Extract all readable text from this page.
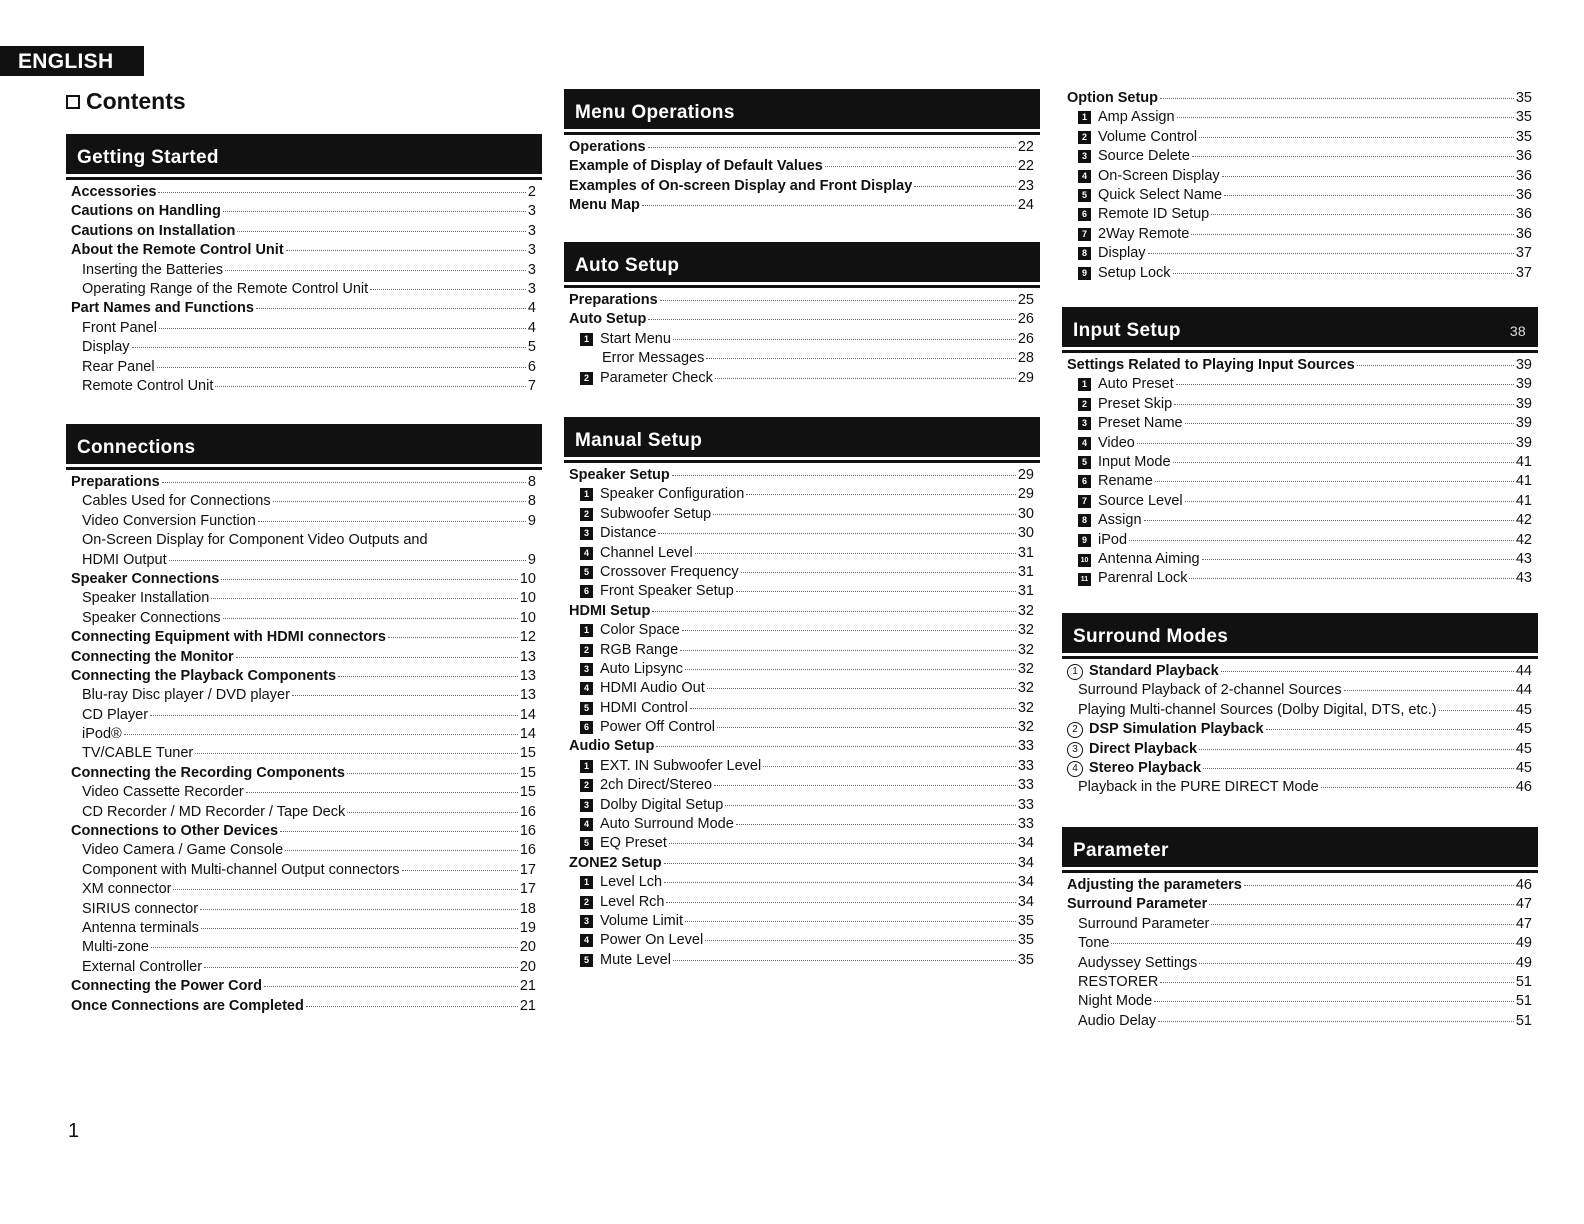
ENGLISH
Contents
Getting Started
Accessories	2
Cautions on Handling	3
Cautions on Installation	3
About the Remote Control Unit	3
Inserting the Batteries	3
Operating Range of the Remote Control Unit	3
Part Names and Functions	4
Front Panel	4
Display	5
Rear Panel	6
Remote Control Unit	7
Connections
Preparations	8
Cables Used for Connections	8
Video Conversion Function	9
On-Screen Display for Component Video Outputs and
HDMI Output	9
Speaker Connections	10
Speaker Installation	10
Speaker Connections	10
Connecting Equipment with HDMI connectors	12
Connecting the Monitor	13
Connecting the Playback Components	13
Blu-ray Disc player / DVD player	13
CD Player	14
iPod®	14
TV/CABLE Tuner	15
Connecting the Recording Components	15
Video Cassette Recorder	15
CD Recorder / MD Recorder / Tape Deck	16
Connections to Other Devices	16
Video Camera / Game Console	16
Component with Multi-channel Output connectors	17
XM connector	17
SIRIUS connector	18
Antenna terminals	19
Multi-zone	20
External Controller	20
Connecting the Power Cord	21
Once Connections are Completed	21
Menu Operations
Operations	22
Example of Display of Default Values	22
Examples of On-screen Display and Front Display	23
Menu Map	24
Auto Setup
Preparations	25
Auto Setup	26
1 Start Menu	26
Error Messages	28
2 Parameter Check	29
Manual Setup
Speaker Setup	29
1 Speaker Configuration	29
2 Subwoofer Setup	30
3 Distance	30
4 Channel Level	31
5 Crossover Frequency	31
6 Front Speaker Setup	31
HDMI Setup	32
1 Color Space	32
2 RGB Range	32
3 Auto Lipsync	32
4 HDMI Audio Out	32
5 HDMI Control	32
6 Power Off Control	32
Audio Setup	33
1 EXT. IN Subwoofer Level	33
2 2ch Direct/Stereo	33
3 Dolby Digital Setup	33
4 Auto Surround Mode	33
5 EQ Preset	34
ZONE2 Setup	34
1 Level Lch	34
2 Level Rch	34
3 Volume Limit	35
4 Power On Level	35
5 Mute Level	35
Option Setup	35
1 Amp Assign	35
2 Volume Control	35
3 Source Delete	36
4 On-Screen Display	36
5 Quick Select Name	36
6 Remote ID Setup	36
7 2Way Remote	36
8 Display	37
9 Setup Lock	37
Input Setup	38
Settings Related to Playing Input Sources	39
1 Auto Preset	39
2 Preset Skip	39
3 Preset Name	39
4 Video	39
5 Input Mode	41
6 Rename	41
7 Source Level	41
8 Assign	42
9 iPod	42
10 Antenna Aiming	43
11 Parenral Lock	43
Surround Modes
1 Standard Playback	44
Surround Playback of 2-channel Sources	44
Playing Multi-channel Sources (Dolby Digital, DTS, etc.)	45
2 DSP Simulation Playback	45
3 Direct Playback	45
4 Stereo Playback	45
Playback in the PURE DIRECT Mode	46
Parameter
Adjusting the parameters	46
Surround Parameter	47
Surround Parameter	47
Tone	49
Audyssey Settings	49
RESTORER	51
Night Mode	51
Audio Delay	51
1
